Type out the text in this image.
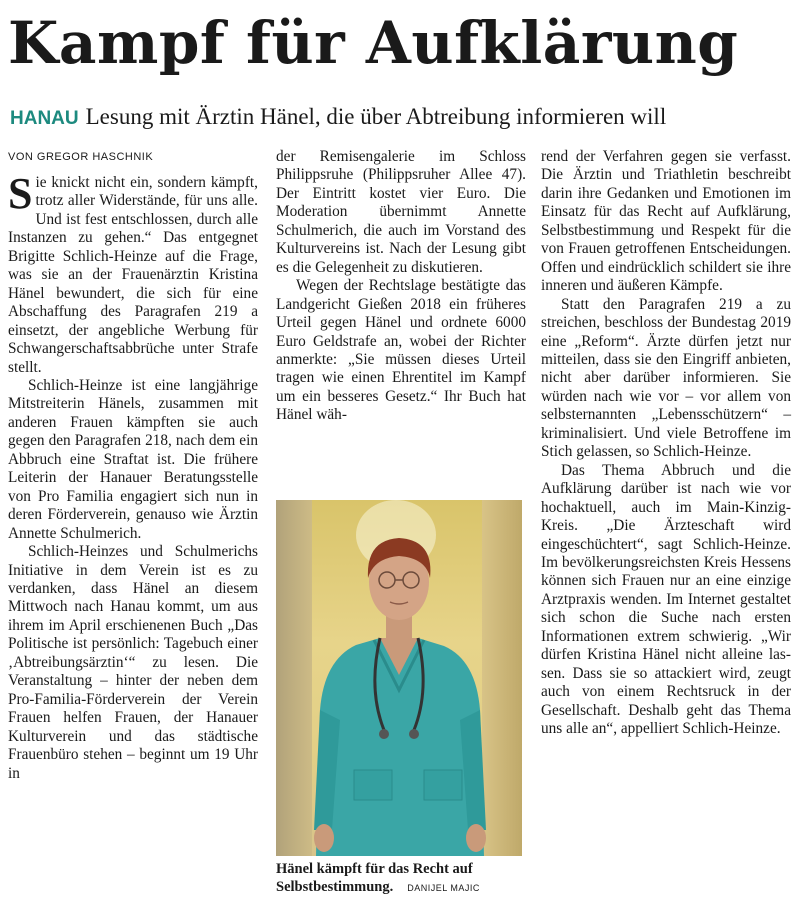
Kampf für Aufklärung
HANAU Lesung mit Ärztin Hänel, die über Abtreibung informieren will
VON GREGOR HASCHNIK

Sie knickt nicht ein, sondern kämpft, trotz aller Widerstände, für uns alle. Und ist fest entschlossen, durch alle Instanzen zu gehen.“ Das entgegnet Brigitte Schlich-Heinze auf die Frage, was sie an der Frauenärztin Kristina Hänel bewundert, die sich für eine Abschaffung des Paragrafen 219 a einsetzt, der angebliche Werbung für Schwangerschaftsabbrüche unter Strafe stellt.

Schlich-Heinze ist eine langjährige Mitstreiterin Hänels, zusammen mit anderen Frauen kämpften sie auch gegen den Paragrafen 218, nach dem ein Abbruch eine Straftat ist. Die frühere Leiterin der Hanauer Beratungsstelle von Pro Familia engagiert sich nun in deren Förderverein, genauso wie Ärztin Annette Schulmerich.

Schlich-Heinzes und Schulmerichs Initiative in dem Verein ist es zu verdanken, dass Hänel an diesem Mittwoch nach Hanau kommt, um aus ihrem im April erschienenen Buch „Das Politische ist persönlich: Tagebuch einer ‚Abtreibungsärztin‘“ zu lesen. Die Veranstaltung – hinter der neben dem Pro-Familia-Förderverein der Verein Frauen helfen Frauen, der Hanauer Kulturverein und das städtische Frauenbüro stehen – beginnt um 19 Uhr in

der Remisengalerie im Schloss Philippsruhe (Philippsruher Allee 47). Der Eintritt kostet vier Euro. Die Moderation übernimmt Annette Schulmerich, die auch im Vorstand des Kulturvereins ist. Nach der Lesung gibt es die Gelegenheit zu diskutieren.

Wegen der Rechtslage bestätigte das Landgericht Gießen 2018 ein früheres Urteil gegen Hänel und ordnete 6000 Euro Geldstrafe an, wobei der Richter anmerkte: „Sie müssen dieses Urteil tragen wie einen Ehrentitel im Kampf um ein besseres Gesetz.“ Ihr Buch hat Hänel wäh-

Hänel kämpft für das Recht auf Selbstbestimmung. DANIJEL MAJIC

rend der Verfahren gegen sie verfasst. Die Ärztin und Triathletin beschreibt darin ihre Gedanken und Emotionen im Einsatz für das Recht auf Aufklärung, Selbstbestimmung und Respekt für die von Frauen getroffenen Entscheidungen. Offen und eindrücklich schildert sie ihre inneren und äußeren Kämpfe.

Statt den Paragrafen 219 a zu streichen, beschloss der Bundestag 2019 eine „Reform“. Ärzte dürfen jetzt nur mitteilen, dass sie den Eingriff anbieten, nicht aber darüber informieren. Sie würden nach wie vor – vor allem von selbsternannten „Lebensschützern“ – kriminalisiert. Und viele Betroffene im Stich gelassen, so Schlich-Heinze.

Das Thema Abbruch und die Aufklärung darüber ist nach wie vor hochaktuell, auch im Main-Kinzig-Kreis. „Die Ärzteschaft wird eingeschüchtert“, sagt Schlich-Heinze. Im bevölkerungsreichsten Kreis Hessens können sich Frauen nur an eine einzige Arztpraxis wenden. Im Internet gestaltet sich schon die Suche nach ersten Informationen extrem schwierig. „Wir dürfen Kristina Hänel nicht alleine lassen. Dass sie so attackiert wird, zeugt auch von einem Rechtsruck in der Gesellschaft. Deshalb geht das Thema uns alle an“, appelliert Schlich-Heinze.
